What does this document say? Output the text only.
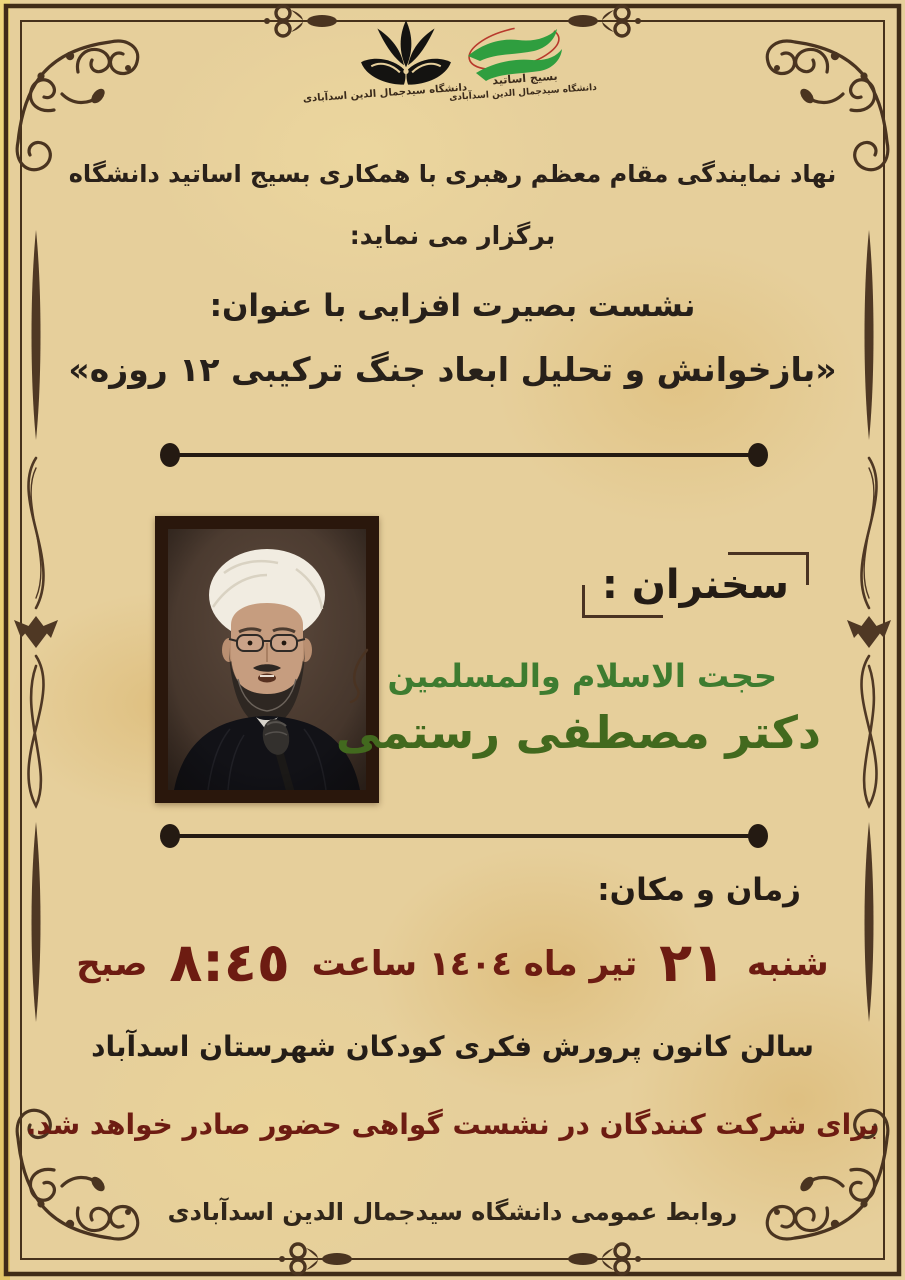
دانشگاه سیدجمال الدین اسدآبادی
بسیج اساتید
دانشگاه سیدجمال الدین اسدآبادی
نهاد نمایندگی مقام معظم رهبری با همکاری بسیج اساتید دانشگاه
برگزار می نماید:
نشست بصیرت افزایی با عنوان:
«بازخوانش و تحلیل ابعاد جنگ ترکیبی ۱۲ روزه»
سخنران :
حجت الاسلام والمسلمین
دکتر مصطفی رستمی
زمان و مکان:
شنبه ۲۱ تیر ماه ١٤٠٤ ساعت ٨:٤٥ صبح
سالن کانون پرورش فکری کودکان شهرستان اسدآباد
برای شرکت کنندگان در نشست گواهی حضور صادر خواهد شد.
روابط عمومی دانشگاه سیدجمال الدین اسدآبادی
